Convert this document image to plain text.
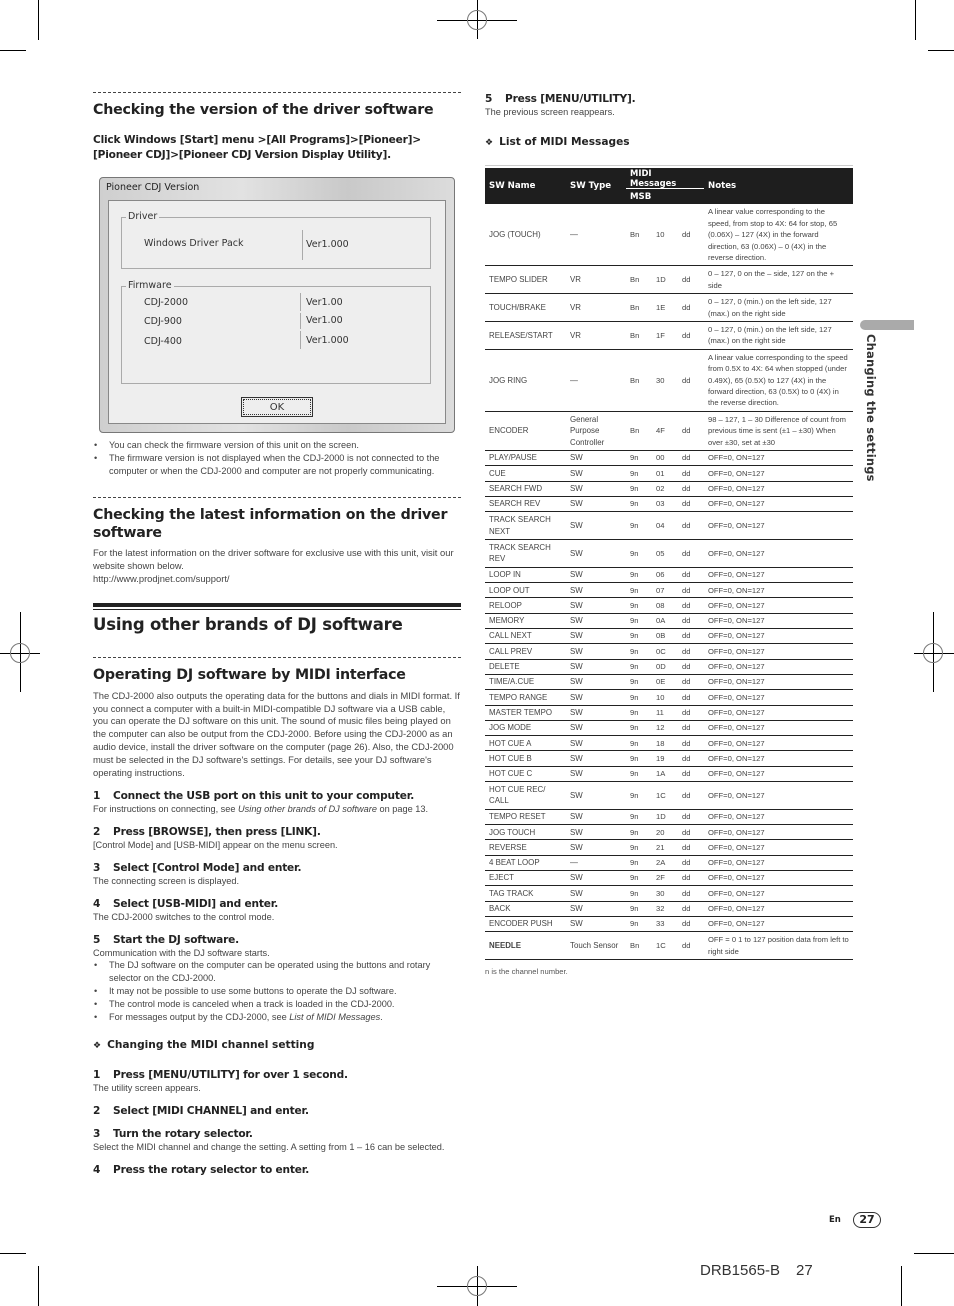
Checking the version of the driver software
Click Windows [Start] menu >[All Programs]>[Pioneer]>[Pioneer CDJ]>[Pioneer CDJ Version Display Utility].
Pioneer CDJ Version
Driver
Windows Driver Pack	Ver1.000
Firmware
CDJ-2000	Ver1.00
CDJ-900	Ver1.00
CDJ-400	Ver1.000
OK
• You can check the firmware version of this unit on the screen.
• The firmware version is not displayed when the CDJ-2000 is not connected to the computer or when the CDJ-2000 and computer are not properly communicating.
Checking the latest information on the driver software
For the latest information on the driver software for exclusive use with this unit, visit our website shown below.
http://www.prodjnet.com/support/
Using other brands of DJ software
Operating DJ software by MIDI interface
The CDJ-2000 also outputs the operating data for the buttons and dials in MIDI format. If you connect a computer with a built-in MIDI-compatible DJ software via a USB cable, you can operate the DJ software on this unit. The sound of music files being played on the computer can also be output from the CDJ-2000. Before using the CDJ-2000 as an audio device, install the driver software on the computer (page 26). Also, the CDJ-2000 must be selected in the DJ software's settings. For details, see your DJ software's operating instructions.
1 Connect the USB port on this unit to your computer.
For instructions on connecting, see Using other brands of DJ software on page 13.
2 Press [BROWSE], then press [LINK].
[Control Mode] and [USB-MIDI] appear on the menu screen.
3 Select [Control Mode] and enter.
The connecting screen is displayed.
4 Select [USB-MIDI] and enter.
The CDJ-2000 switches to the control mode.
5 Start the DJ software.
Communication with the DJ software starts.
• The DJ software on the computer can be operated using the buttons and rotary selector on the CDJ-2000.
• It may not be possible to use some buttons to operate the DJ software.
• The control mode is canceled when a track is loaded in the CDJ-2000.
• For messages output by the CDJ-2000, see List of MIDI Messages.
❖ Changing the MIDI channel setting
1 Press [MENU/UTILITY] for over 1 second.
The utility screen appears.
2 Select [MIDI CHANNEL] and enter.
3 Turn the rotary selector.
Select the MIDI channel and change the setting. A setting from 1 – 16 can be selected.
4 Press the rotary selector to enter.
5 Press [MENU/UTILITY].
The previous screen reappears.
❖ List of MIDI Messages
SW Name	SW Type	MIDI Messages			Notes
		MSB			
JOG (TOUCH)	—	Bn	10	dd	A linear value corresponding to the speed, from stop to 4X: 64 for stop, 65 (0.06X) – 127 (4X) in the forward direction, 63 (0.06X) – 0 (4X) in the reverse direction.
TEMPO SLIDER	VR	Bn	1D	dd	0 – 127, 0 on the – side, 127 on the + side
TOUCH/BRAKE	VR	Bn	1E	dd	0 – 127, 0 (min.) on the left side, 127 (max.) on the right side
RELEASE/START	VR	Bn	1F	dd	0 – 127, 0 (min.) on the left side, 127 (max.) on the right side
JOG RING	—	Bn	30	dd	A linear value corresponding to the speed from 0.5X to 4X: 64 when stopped (under 0.49X), 65 (0.5X) to 127 (4X) in the forward direction, 63 (0.5X) to 0 (4X) in the reverse direction.
ENCODER	General Purpose Controller	Bn	4F	dd	98 – 127, 1 – 30 Difference of count from previous time is sent (±1 – ±30) When over ±30, set at ±30
PLAY/PAUSE	SW	9n	00	dd	OFF=0, ON=127
CUE	SW	9n	01	dd	OFF=0, ON=127
SEARCH FWD	SW	9n	02	dd	OFF=0, ON=127
SEARCH REV	SW	9n	03	dd	OFF=0, ON=127
TRACK SEARCH NEXT	SW	9n	04	dd	OFF=0, ON=127
TRACK SEARCH REV	SW	9n	05	dd	OFF=0, ON=127
LOOP IN	SW	9n	06	dd	OFF=0, ON=127
LOOP OUT	SW	9n	07	dd	OFF=0, ON=127
RELOOP	SW	9n	08	dd	OFF=0, ON=127
MEMORY	SW	9n	0A	dd	OFF=0, ON=127
CALL NEXT	SW	9n	0B	dd	OFF=0, ON=127
CALL PREV	SW	9n	0C	dd	OFF=0, ON=127
DELETE	SW	9n	0D	dd	OFF=0, ON=127
TIME/A.CUE	SW	9n	0E	dd	OFF=0, ON=127
TEMPO RANGE	SW	9n	10	dd	OFF=0, ON=127
MASTER TEMPO	SW	9n	11	dd	OFF=0, ON=127
JOG MODE	SW	9n	12	dd	OFF=0, ON=127
HOT CUE A	SW	9n	18	dd	OFF=0, ON=127
HOT CUE B	SW	9n	19	dd	OFF=0, ON=127
HOT CUE C	SW	9n	1A	dd	OFF=0, ON=127
HOT CUE REC/ CALL	SW	9n	1C	dd	OFF=0, ON=127
TEMPO RESET	SW	9n	1D	dd	OFF=0, ON=127
JOG TOUCH	SW	9n	20	dd	OFF=0, ON=127
REVERSE	SW	9n	21	dd	OFF=0, ON=127
4 BEAT LOOP	—	9n	2A	dd	OFF=0, ON=127
EJECT	SW	9n	2F	dd	OFF=0, ON=127
TAG TRACK	SW	9n	30	dd	OFF=0, ON=127
BACK	SW	9n	32	dd	OFF=0, ON=127
ENCODER PUSH	SW	9n	33	dd	OFF=0, ON=127
NEEDLE	Touch Sensor	Bn	1C	dd	OFF = 0 1 to 127 position data from left to right side
n is the channel number.
Changing the settings
En	27
DRB1565-B 27
